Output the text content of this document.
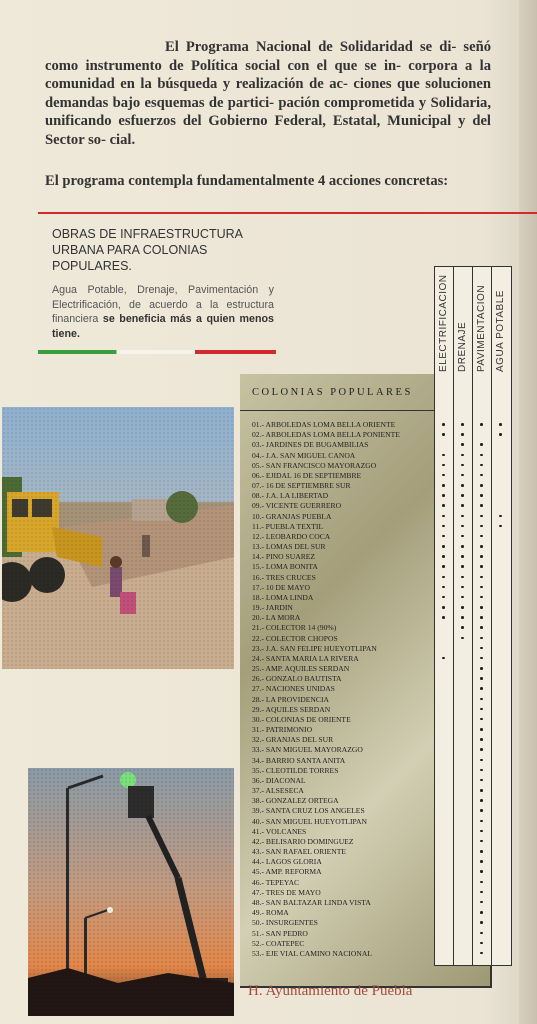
El Programa Nacional de Solidaridad se di- señó como instrumento de Política social con el que se in- corpora a la comunidad en la búsqueda y realización de ac- ciones que solucionen demandas bajo esquemas de partici- pación comprometida y Solidaria, unificando esfuerzos del Gobierno Federal, Estatal, Municipal y del Sector so- cial.

El programa contempla fundamentalmente 4 acciones concretas:

OBRAS DE INFRAESTRUCTURA URBANA PARA COLONIAS POPULARES.

Agua Potable, Drenaje, Pavimentación y Electrificación, de acuerdo a la estructura financiera se beneficia más a quien menos tiene.

COLONIAS POPULARES
ELECTRIFICACION DRENAJE PAVIMENTACION AGUA POTABLE
01.- ARBOLEDAS LOMA BELLA ORIENTE
02.- ARBOLEDAS LOMA BELLA PONIENTE
03.- JARDINES DE BUGAMBILIAS
04.- J.A. SAN MIGUEL CANOA
05.- SAN FRANCISCO MAYORAZGO
06.- EJIDAL 16 DE SEPTIEMBRE
07.- 16 DE SEPTIEMBRE SUR
08.- J.A. LA LIBERTAD
09.- VICENTE GUERRERO
10.- GRANJAS PUEBLA
11.- PUEBLA TEXTIL
12.- LEOBARDO COCA
13.- LOMAS DEL SUR
14.- PINO SUAREZ
15.- LOMA BONITA
16.- TRES CRUCES
17.- 10 DE MAYO
18.- LOMA LINDA
19.- JARDIN
20.- LA MORA
21.- COLECTOR 14 (90%)
22.- COLECTOR CHOPOS
23.- J.A. SAN FELIPE HUEYOTLIPAN
24.- SANTA MARIA LA RIVERA
25.- AMP. AQUILES SERDAN
26.- GONZALO BAUTISTA
27.- NACIONES UNIDAS
28.- LA PROVIDENCIA
29.- AQUILES SERDAN
30.- COLONIAS DE ORIENTE
31.- PATRIMONIO
32.- GRANJAS DEL SUR
33.- SAN MIGUEL MAYORAZGO
34.- BARRIO SANTA ANITA
35.- CLEOTILDE TORRES
36.- DIACONAL
37.- ALSESECA
38.- GONZALEZ ORTEGA
39.- SANTA CRUZ LOS ANGELES
40.- SAN MIGUEL HUEYOTLIPAN
41.- VOLCANES
42.- BELISARIO DOMINGUEZ
43.- SAN RAFAEL ORIENTE
44.- LAGOS GLORIA
45.- AMP. REFORMA
46.- TEPEYAC
47.- TRES DE MAYO
48.- SAN BALTAZAR LINDA VISTA
49.- ROMA
50.- INSURGENTES
51.- SAN PEDRO
52.- COATEPEC
53.- EJE VIAL CAMINO NACIONAL
H. Ayuntamiento de Puebla
